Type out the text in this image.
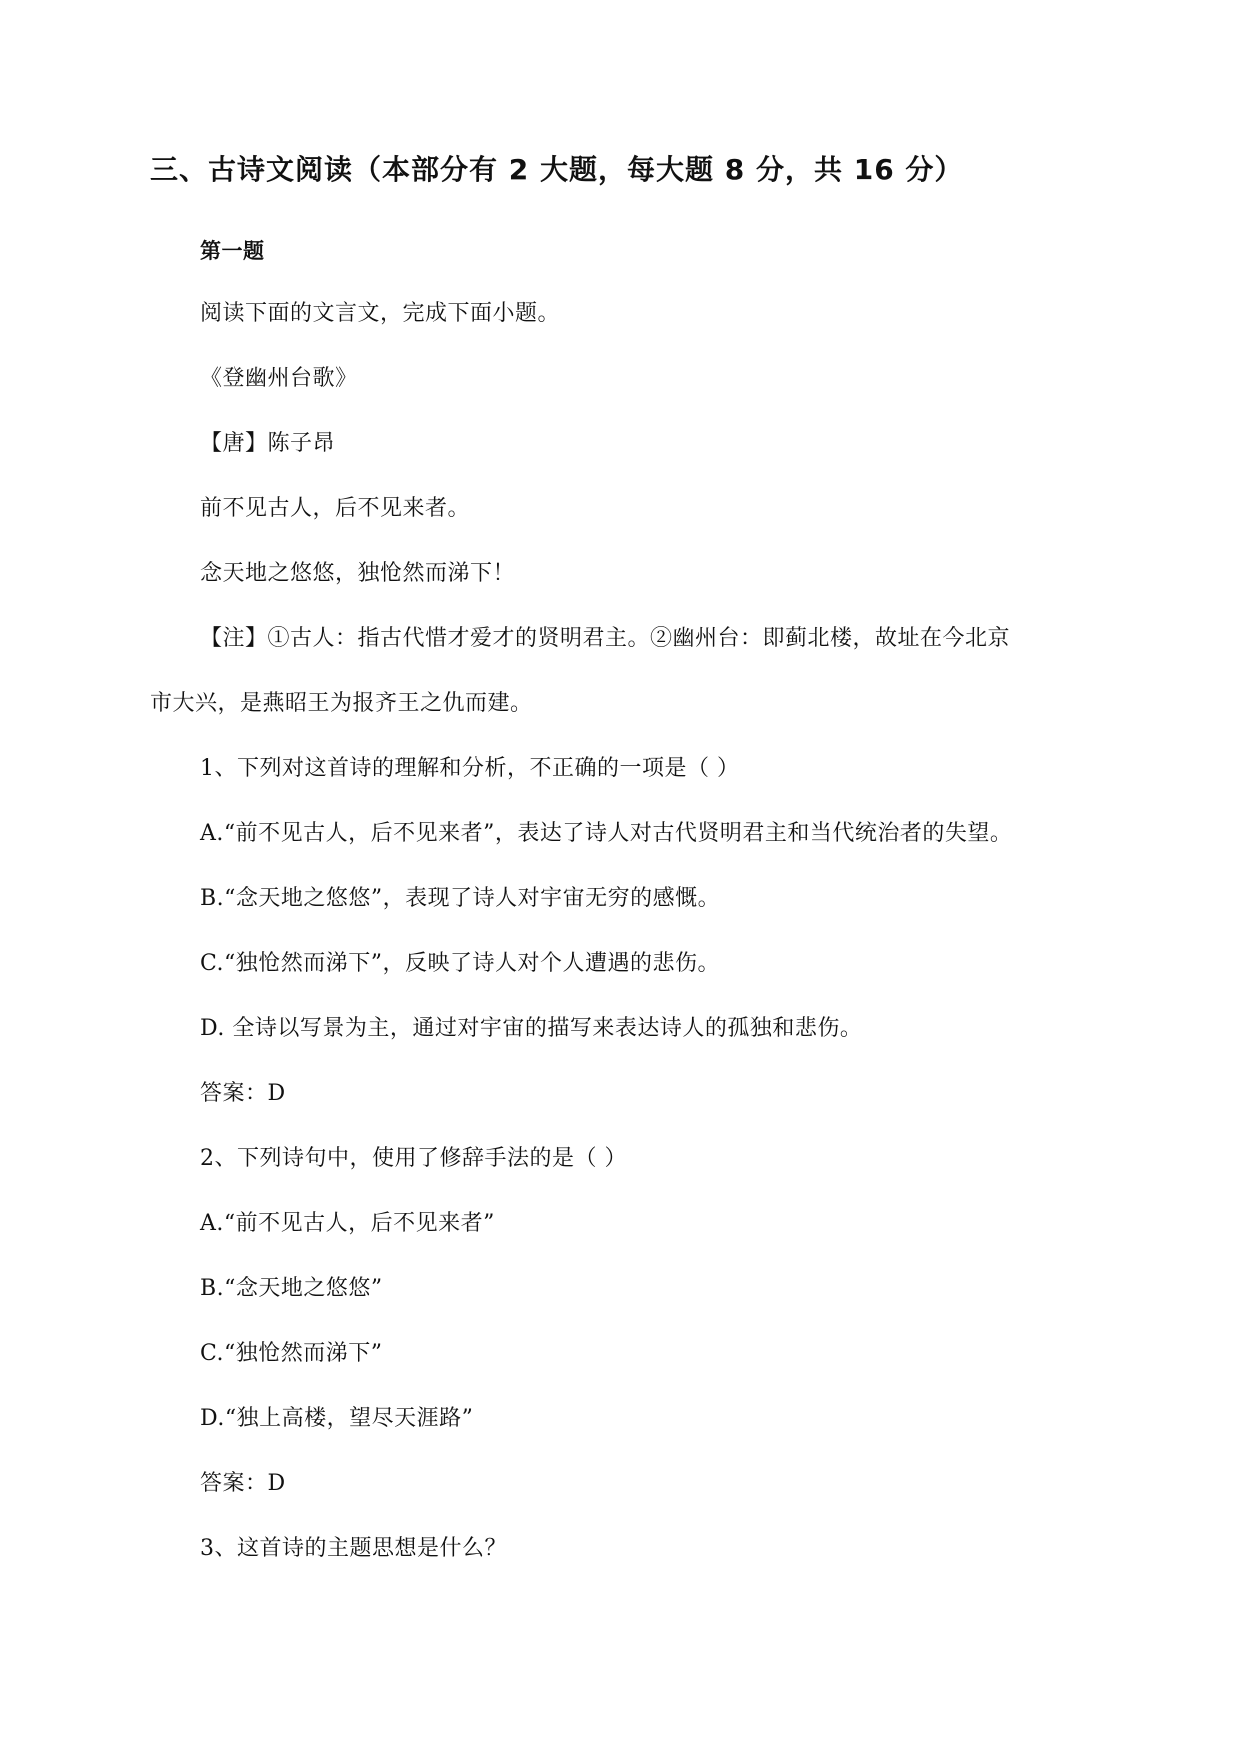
三、古诗文阅读（本部分有 2 大题，每大题 8 分，共 16 分）
第一题
阅读下面的文言文，完成下面小题。
《登幽州台歌》
【唐】陈子昂
前不见古人，后不见来者。
念天地之悠悠，独怆然而涕下！
【注】①古人：指古代惜才爱才的贤明君主。②幽州台：即蓟北楼，故址在今北京
市大兴，是燕昭王为报齐王之仇而建。
1、下列对这首诗的理解和分析，不正确的一项是（ ）
A.“前不见古人，后不见来者”，表达了诗人对古代贤明君主和当代统治者的失望。
B.“念天地之悠悠”，表现了诗人对宇宙无穷的感慨。
C.“独怆然而涕下”，反映了诗人对个人遭遇的悲伤。
D. 全诗以写景为主，通过对宇宙的描写来表达诗人的孤独和悲伤。
答案：D
2、下列诗句中，使用了修辞手法的是（ ）
A.“前不见古人，后不见来者”
B.“念天地之悠悠”
C.“独怆然而涕下”
D.“独上高楼，望尽天涯路”
答案：D
3、这首诗的主题思想是什么？
